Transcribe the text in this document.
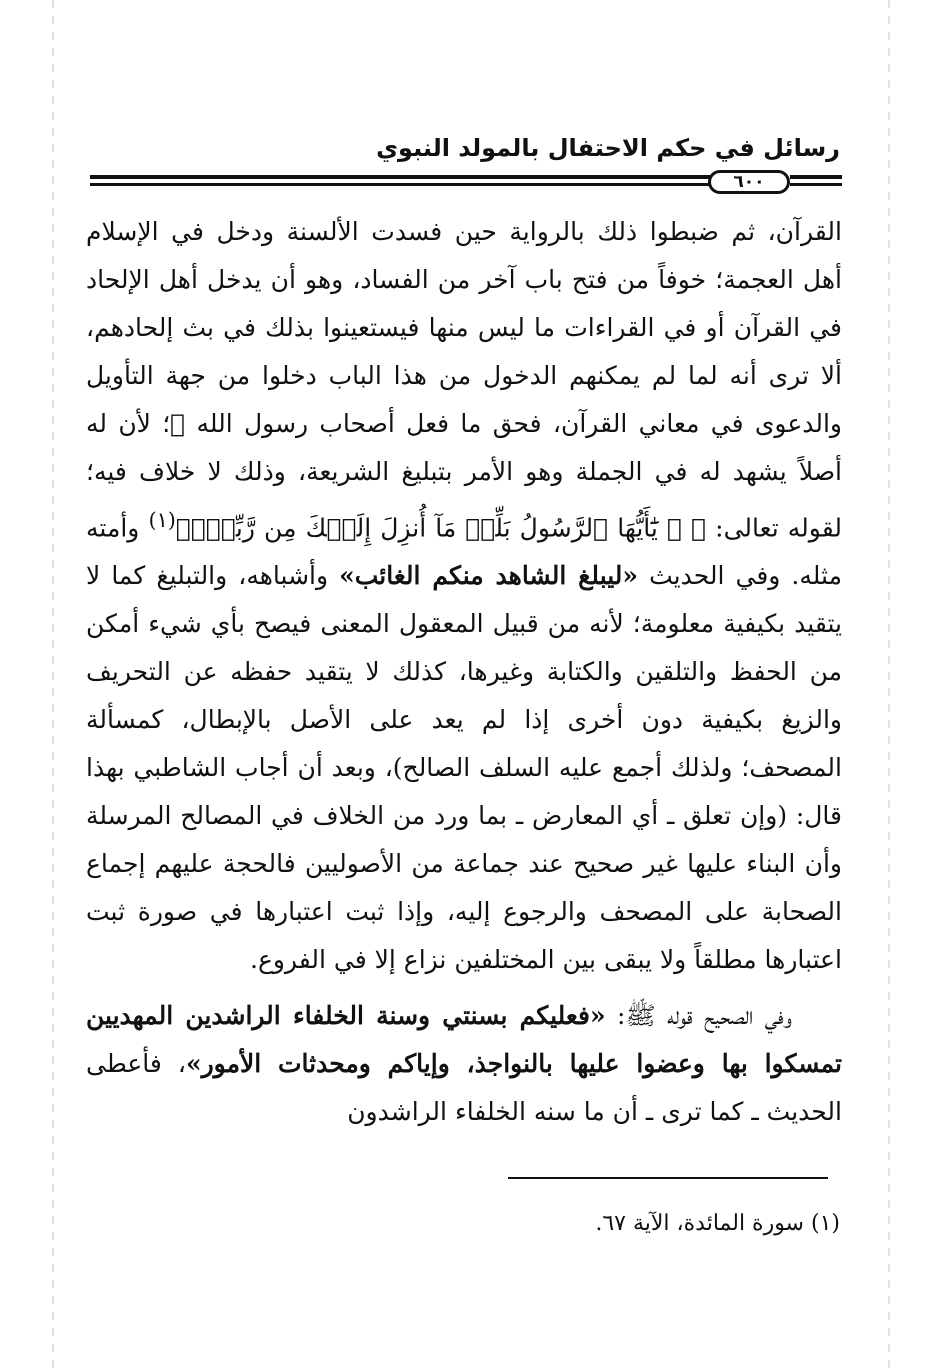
رسائل في حكم الاحتفال بالمولد النبوي
٦٠٠

القرآن، ثم ضبطوا ذلك بالرواية حين فسدت الألسنة ودخل في الإسلام أهل العجمة؛ خوفاً من فتح باب آخر من الفساد، وهو أن يدخل أهل الإلحاد في القرآن أو في القراءات ما ليس منها فيستعينوا بذلك في بث إلحادهم، ألا ترى أنه لما لم يمكنهم الدخول من هذا الباب دخلوا من جهة التأويل والدعوى في معاني القرآن، فحق ما فعل أصحاب رسول الله ﷺ؛ لأن له أصلاً يشهد له في الجملة وهو الأمر بتبليغ الشريعة، وذلك لا خلاف فيه؛ لقوله تعالى: ﴿ ۞ يَٰٓأَيُّهَا ٱلرَّسُولُ بَلِّغۡ مَآ أُنزِلَ إِلَيۡكَ مِن رَّبِّكَۖ﴾$^{(١)}$ وأمته مثله. وفي الحديث «ليبلغ الشاهد منكم الغائب» وأشباهه، والتبليغ كما لا يتقيد بكيفية معلومة؛ لأنه من قبيل المعقول المعنى فيصح بأي شيء أمكن من الحفظ والتلقين والكتابة وغيرها، كذلك لا يتقيد حفظه عن التحريف والزيغ بكيفية دون أخرى إذا لم يعد على الأصل بالإبطال، كمسألة المصحف؛ ولذلك أجمع عليه السلف الصالح)، وبعد أن أجاب الشاطبي بهذا قال: (وإن تعلق ـ أي المعارض ـ بما ورد من الخلاف في المصالح المرسلة وأن البناء عليها غير صحيح عند جماعة من الأصوليين فالحجة عليهم إجماع الصحابة على المصحف والرجوع إليه، وإذا ثبت اعتبارها في صورة ثبت اعتبارها مطلقاً ولا يبقى بين المختلفين نزاع إلا في الفروع.

وفي الصحيح قوله ﷺ: «فعليكم بسنتي وسنة الخلفاء الراشدين المهديين تمسكوا بها وعضوا عليها بالنواجذ، وإياكم ومحدثات الأمور»، فأعطى الحديث ـ كما ترى ـ أن ما سنه الخلفاء الراشدون

(١) سورة المائدة، الآية ٦٧.
